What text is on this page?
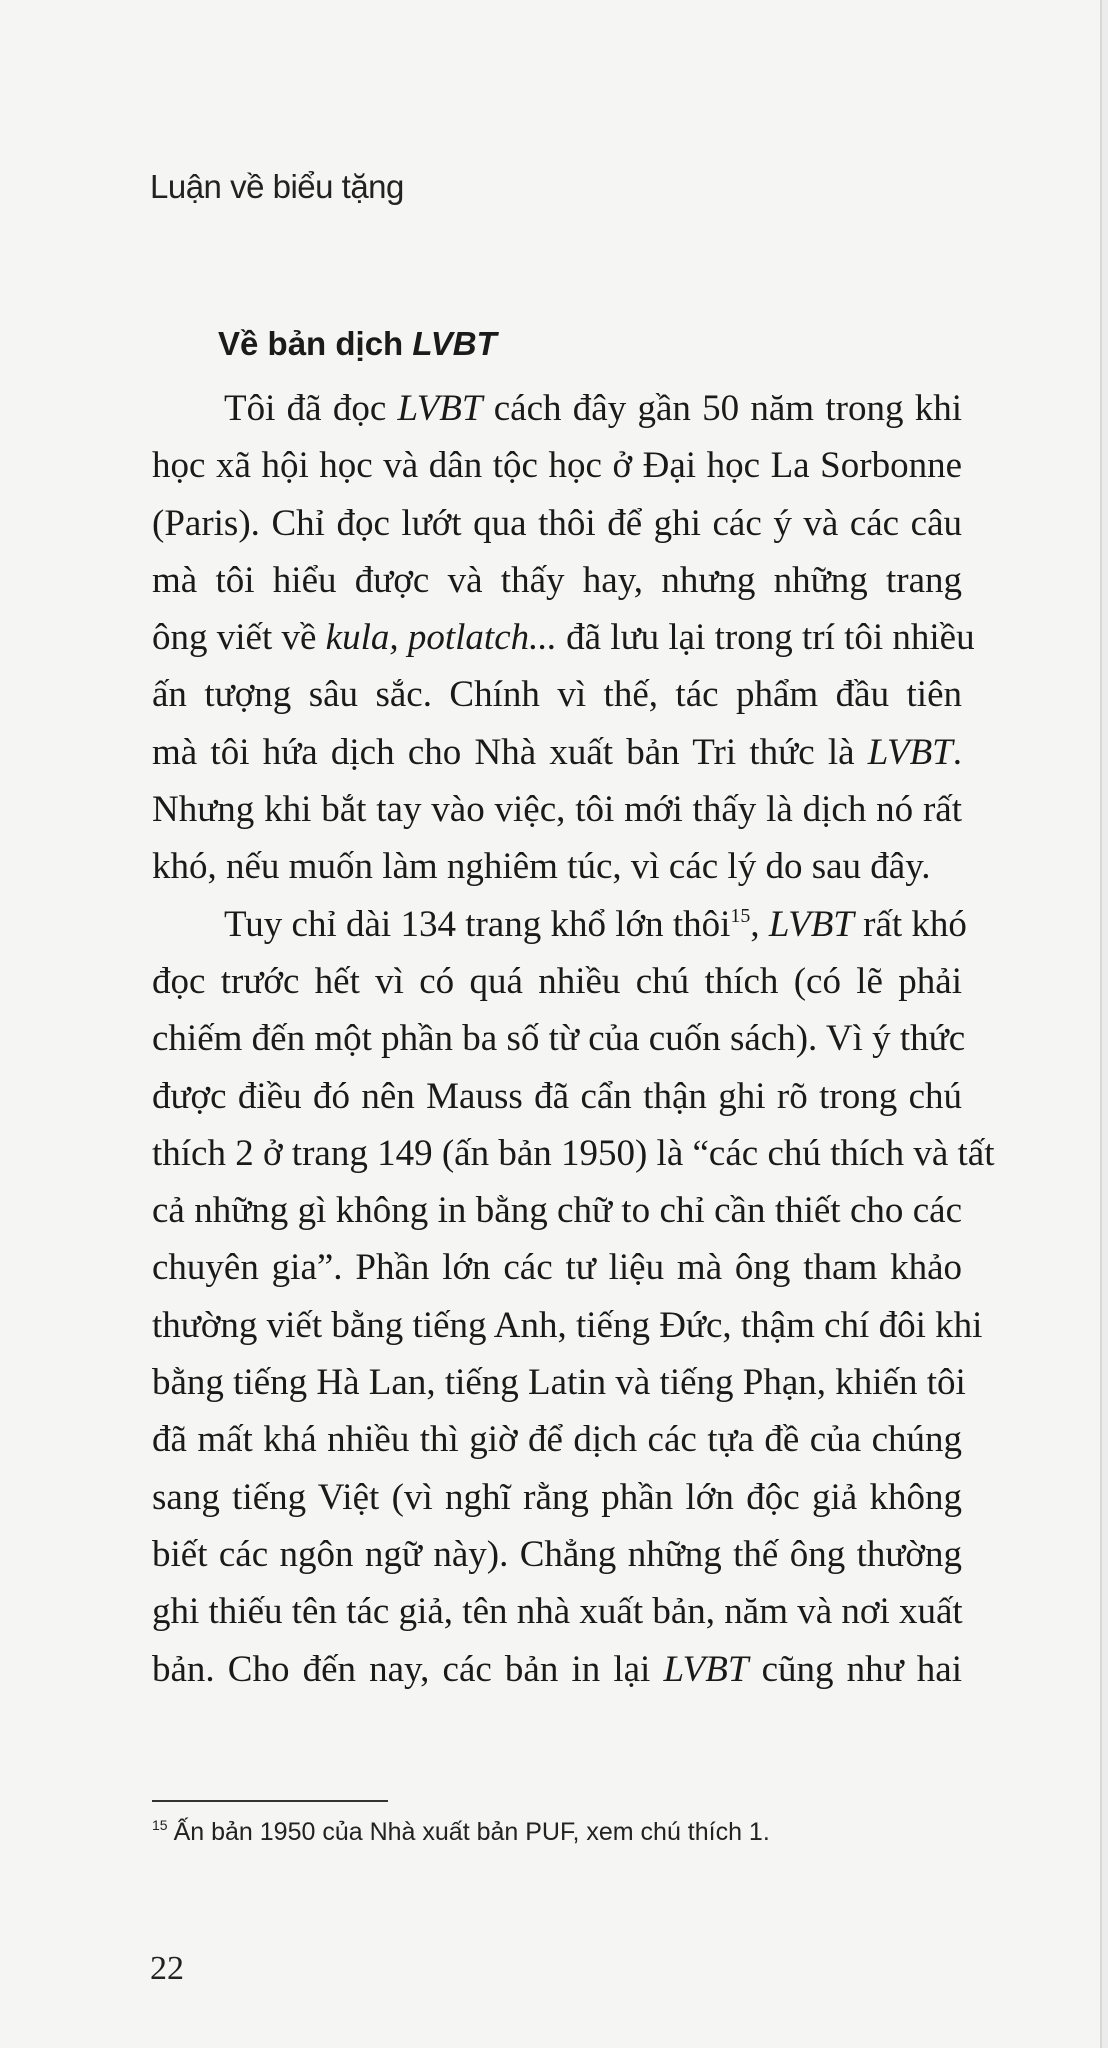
Luận về biểu tặng
Về bản dịch LVBT
Tôi đã đọc LVBT cách đây gần 50 năm trong khi
học xã hội học và dân tộc học ở Đại học La Sorbonne
(Paris). Chỉ đọc lướt qua thôi để ghi các ý và các câu
mà tôi hiểu được và thấy hay, nhưng những trang
ông viết về kula, potlatch... đã lưu lại trong trí tôi nhiều
ấn tượng sâu sắc. Chính vì thế, tác phẩm đầu tiên
mà tôi hứa dịch cho Nhà xuất bản Tri thức là LVBT.
Nhưng khi bắt tay vào việc, tôi mới thấy là dịch nó rất
khó, nếu muốn làm nghiêm túc, vì các lý do sau đây.
Tuy chỉ dài 134 trang khổ lớn thôi$^{15}$, LVBT rất khó
đọc trước hết vì có quá nhiều chú thích (có lẽ phải
chiếm đến một phần ba số từ của cuốn sách). Vì ý thức
được điều đó nên Mauss đã cẩn thận ghi rõ trong chú
thích 2 ở trang 149 (ấn bản 1950) là “các chú thích và tất
cả những gì không in bằng chữ to chỉ cần thiết cho các
chuyên gia”. Phần lớn các tư liệu mà ông tham khảo
thường viết bằng tiếng Anh, tiếng Đức, thậm chí đôi khi
bằng tiếng Hà Lan, tiếng Latin và tiếng Phạn, khiến tôi
đã mất khá nhiều thì giờ để dịch các tựa đề của chúng
sang tiếng Việt (vì nghĩ rằng phần lớn độc giả không
biết các ngôn ngữ này). Chẳng những thế ông thường
ghi thiếu tên tác giả, tên nhà xuất bản, năm và nơi xuất
bản. Cho đến nay, các bản in lại LVBT cũng như hai
$^{15}$ Ấn bản 1950 của Nhà xuất bản PUF, xem chú thích 1.
22
